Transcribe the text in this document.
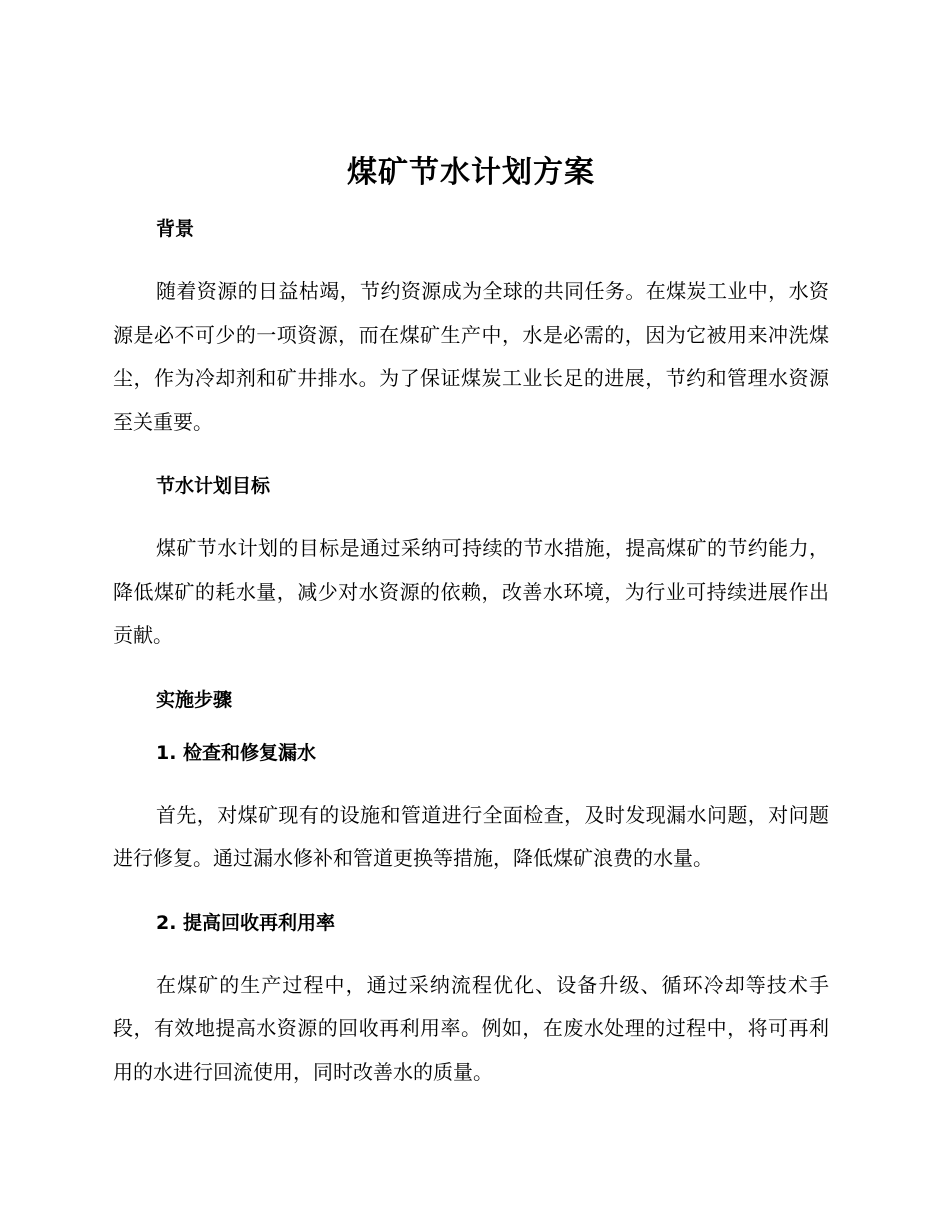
煤矿节水计划方案
背景

随着资源的日益枯竭，节约资源成为全球的共同任务。在煤炭工业中，水资源是必不可少的一项资源，而在煤矿生产中，水是必需的，因为它被用来冲洗煤尘，作为冷却剂和矿井排水。为了保证煤炭工业长足的进展，节约和管理水资源至关重要。

节水计划目标

煤矿节水计划的目标是通过采纳可持续的节水措施，提高煤矿的节约能力，降低煤矿的耗水量，减少对水资源的依赖，改善水环境，为行业可持续进展作出贡献。

实施步骤
1. 检查和修复漏水

首先，对煤矿现有的设施和管道进行全面检查，及时发现漏水问题，对问题进行修复。通过漏水修补和管道更换等措施，降低煤矿浪费的水量。

2. 提高回收再利用率

在煤矿的生产过程中，通过采纳流程优化、设备升级、循环冷却等技术手段，有效地提高水资源的回收再利用率。例如，在废水处理的过程中，将可再利用的水进行回流使用，同时改善水的质量。
